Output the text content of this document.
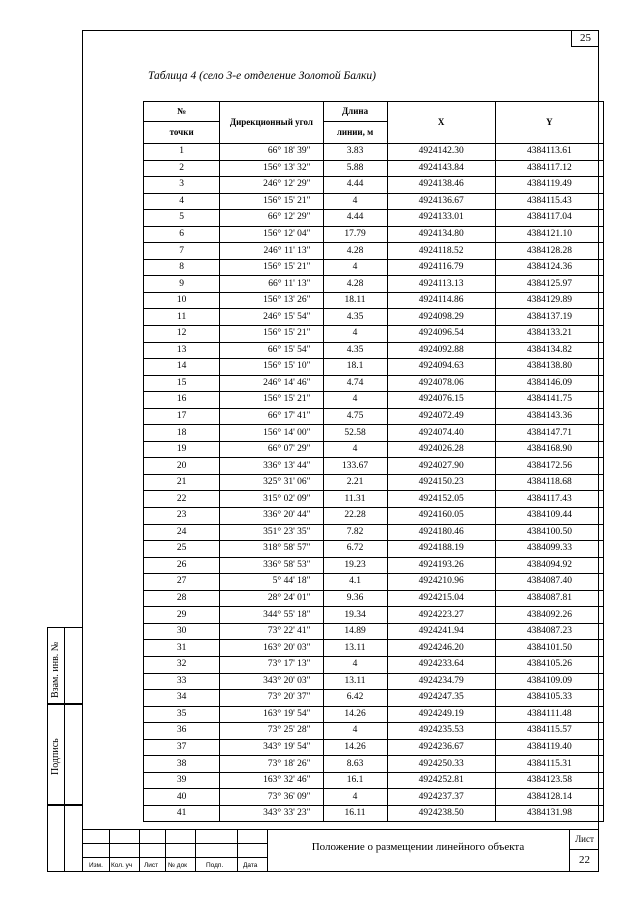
25
Таблица 4 (село 3-е отделение Золотой Балки)
№	Дирекционный угол	Длина	X	Y
точки		линии, м		
1	66° 18' 39"	3.83	4924142.30	4384113.61
2	156° 13' 32"	5.88	4924143.84	4384117.12
3	246° 12' 29"	4.44	4924138.46	4384119.49
4	156° 15' 21"	4	4924136.67	4384115.43
5	66° 12' 29"	4.44	4924133.01	4384117.04
6	156° 12' 04"	17.79	4924134.80	4384121.10
7	246° 11' 13"	4.28	4924118.52	4384128.28
8	156° 15' 21"	4	4924116.79	4384124.36
9	66° 11' 13"	4.28	4924113.13	4384125.97
10	156° 13' 26"	18.11	4924114.86	4384129.89
11	246° 15' 54"	4.35	4924098.29	4384137.19
12	156° 15' 21"	4	4924096.54	4384133.21
13	66° 15' 54"	4.35	4924092.88	4384134.82
14	156° 15' 10"	18.1	4924094.63	4384138.80
15	246° 14' 46"	4.74	4924078.06	4384146.09
16	156° 15' 21"	4	4924076.15	4384141.75
17	66° 17' 41"	4.75	4924072.49	4384143.36
18	156° 14' 00"	52.58	4924074.40	4384147.71
19	66° 07' 29"	4	4924026.28	4384168.90
20	336° 13' 44"	133.67	4924027.90	4384172.56
21	325° 31' 06"	2.21	4924150.23	4384118.68
22	315° 02' 09"	11.31	4924152.05	4384117.43
23	336° 20' 44"	22.28	4924160.05	4384109.44
24	351° 23' 35"	7.82	4924180.46	4384100.50
25	318° 58' 57"	6.72	4924188.19	4384099.33
26	336° 58' 53"	19.23	4924193.26	4384094.92
27	5° 44' 18"	4.1	4924210.96	4384087.40
28	28° 24' 01"	9.36	4924215.04	4384087.81
29	344° 55' 18"	19.34	4924223.27	4384092.26
30	73° 22' 41"	14.89	4924241.94	4384087.23
31	163° 20' 03"	13.11	4924246.20	4384101.50
32	73° 17' 13"	4	4924233.64	4384105.26
33	343° 20' 03"	13.11	4924234.79	4384109.09
34	73° 20' 37"	6.42	4924247.35	4384105.33
35	163° 19' 54"	14.26	4924249.19	4384111.48
36	73° 25' 28"	4	4924235.53	4384115.57
37	343° 19' 54"	14.26	4924236.67	4384119.40
38	73° 18' 26"	8.63	4924250.33	4384115.31
39	163° 32' 46"	16.1	4924252.81	4384123.58
40	73° 36' 09"	4	4924237.37	4384128.14
41	343° 33' 23"	16.11	4924238.50	4384131.98
Взам. инв. №
Подпись
Изм. Кол. уч Лист № док	Подп.	Дата
Положение о размещении линейного объекта
Лист
22
